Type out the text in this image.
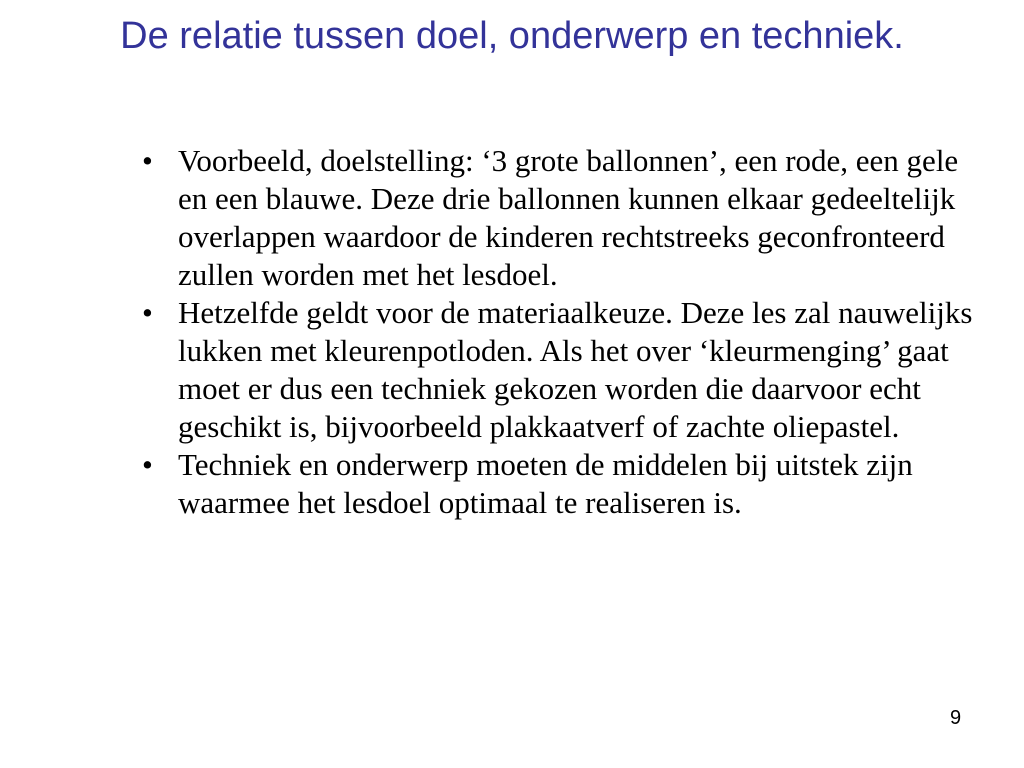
De relatie tussen doel, onderwerp en techniek.
• Voorbeeld, doelstelling: ‘3 grote ballonnen’, een rode, een gele en een blauwe. Deze drie ballonnen kunnen elkaar gedeeltelijk overlappen waardoor de kinderen rechtstreeks geconfronteerd zullen worden met het lesdoel.
• Hetzelfde geldt voor de materiaalkeuze. Deze les zal nauwelijks lukken met kleurenpotloden. Als het over ‘kleurmenging’ gaat moet er dus een techniek gekozen worden die daarvoor echt geschikt is, bijvoorbeeld plakkaatverf of zachte oliepastel.
• Techniek en onderwerp moeten de middelen bij uitstek zijn waarmee het lesdoel optimaal te realiseren is.
9
